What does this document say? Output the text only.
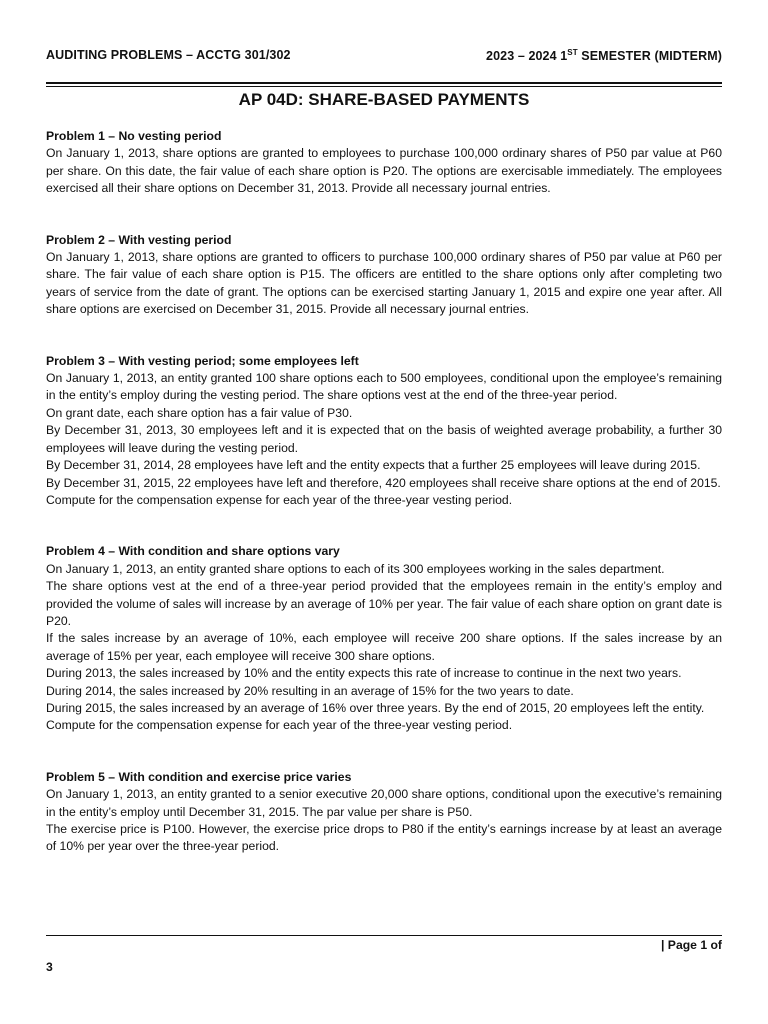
AUDITING PROBLEMS – ACCTG 301/302	2023 – 2024 1ST SEMESTER (MIDTERM)
AP 04D: SHARE-BASED PAYMENTS
Problem 1 – No vesting period
On January 1, 2013, share options are granted to employees to purchase 100,000 ordinary shares of P50 par value at P60 per share. On this date, the fair value of each share option is P20. The options are exercisable immediately. The employees exercised all their share options on December 31, 2013. Provide all necessary journal entries.
Problem 2 – With vesting period
On January 1, 2013, share options are granted to officers to purchase 100,000 ordinary shares of P50 par value at P60 per share. The fair value of each share option is P15. The officers are entitled to the share options only after completing two years of service from the date of grant. The options can be exercised starting January 1, 2015 and expire one year after. All share options are exercised on December 31, 2015. Provide all necessary journal entries.
Problem 3 – With vesting period; some employees left
On January 1, 2013, an entity granted 100 share options each to 500 employees, conditional upon the employee’s remaining in the entity’s employ during the vesting period. The share options vest at the end of the three-year period.
On grant date, each share option has a fair value of P30.
By December 31, 2013, 30 employees left and it is expected that on the basis of weighted average probability, a further 30 employees will leave during the vesting period.
By December 31, 2014, 28 employees have left and the entity expects that a further 25 employees will leave during 2015.
By December 31, 2015, 22 employees have left and therefore, 420 employees shall receive share options at the end of 2015.
Compute for the compensation expense for each year of the three-year vesting period.
Problem 4 – With condition and share options vary
On January 1, 2013, an entity granted share options to each of its 300 employees working in the sales department.
The share options vest at the end of a three-year period provided that the employees remain in the entity’s employ and provided the volume of sales will increase by an average of 10% per year. The fair value of each share option on grant date is P20.
If the sales increase by an average of 10%, each employee will receive 200 share options. If the sales increase by an average of 15% per year, each employee will receive 300 share options.
During 2013, the sales increased by 10% and the entity expects this rate of increase to continue in the next two years.
During 2014, the sales increased by 20% resulting in an average of 15% for the two years to date.
During 2015, the sales increased by an average of 16% over three years. By the end of 2015, 20 employees left the entity.
Compute for the compensation expense for each year of the three-year vesting period.
Problem 5 – With condition and exercise price varies
On January 1, 2013, an entity granted to a senior executive 20,000 share options, conditional upon the executive’s remaining in the entity’s employ until December 31, 2015. The par value per share is P50.
The exercise price is P100. However, the exercise price drops to P80 if the entity’s earnings increase by at least an average of 10% per year over the three-year period.
| Page 1 of
3
